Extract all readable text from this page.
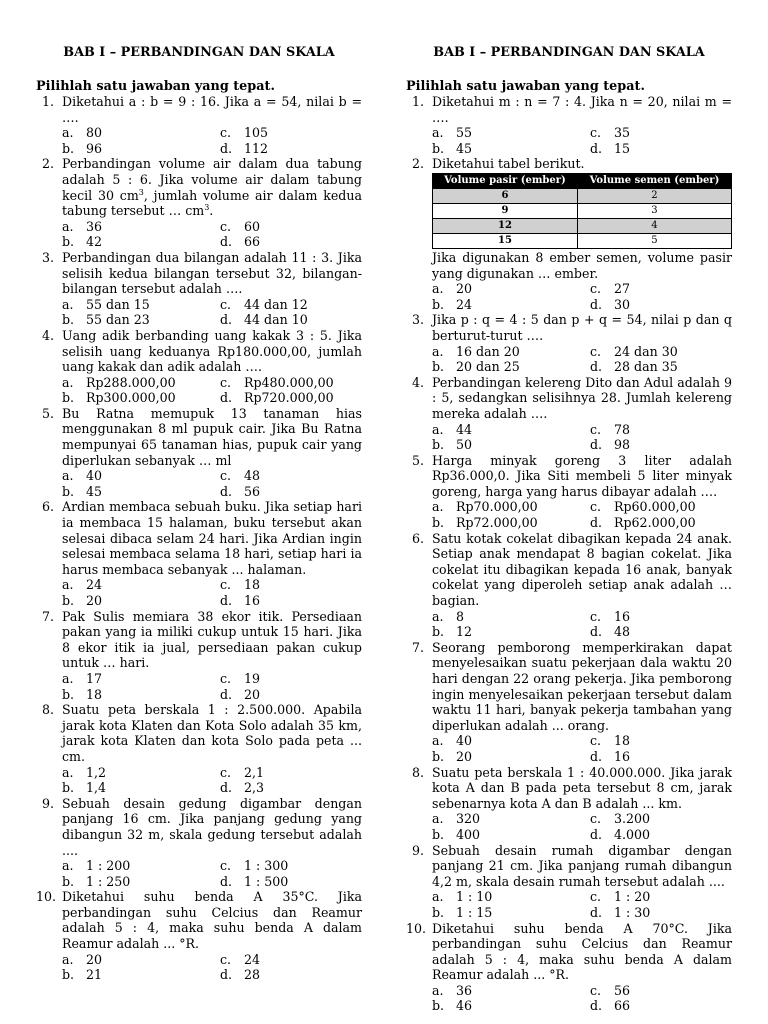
BAB I – PERBANDINGAN DAN SKALA
Pilihlah satu jawaban yang tepat.
1. Diketahui a : b = 9 : 16. Jika a = 54, nilai b = ….
a. 80	c. 105
b. 96	d. 112
2. Perbandingan volume air dalam dua tabung adalah 5 : 6. Jika volume air dalam tabung kecil 30 $cm^3$, jumlah volume air dalam kedua tabung tersebut … $cm^3$.
a. 36	c. 60
b. 42	d. 66
3. Perbandingan dua bilangan adalah 11 : 3. Jika selisih kedua bilangan tersebut 32, bilangan-bilangan tersebut adalah ….
a. 55 dan 15	c. 44 dan 12
b. 55 dan 23	d. 44 dan 10
4. Uang adik berbanding uang kakak 3 : 5. Jika selisih uang keduanya Rp180.000,00, jumlah uang kakak dan adik adalah ….
a. Rp288.000,00	c. Rp480.000,00
b. Rp300.000,00	d. Rp720.000,00
5. Bu Ratna memupuk 13 tanaman hias menggunakan 8 ml pupuk cair. Jika Bu Ratna mempunyai 65 tanaman hias, pupuk cair yang diperlukan sebanyak … ml
a. 40	c. 48
b. 45	d. 56
6. Ardian membaca sebuah buku. Jika setiap hari ia membaca 15 halaman, buku tersebut akan selesai dibaca selam 24 hari. Jika Ardian ingin selesai membaca selama 18 hari, setiap hari ia harus membaca sebanyak ... halaman.
a. 24	c. 18
b. 20	d. 16
7. Pak Sulis memiara 38 ekor itik. Persediaan pakan yang ia miliki cukup untuk 15 hari. Jika 8 ekor itik ia jual, persediaan pakan cukup untuk … hari.
a. 17	c. 19
b. 18	d. 20
8. Suatu peta berskala 1 : 2.500.000. Apabila jarak kota Klaten dan Kota Solo adalah 35 km, jarak kota Klaten dan kota Solo pada peta ... cm.
a. 1,2	c. 2,1
b. 1,4	d. 2,3
9. Sebuah desain gedung digambar dengan panjang 16 cm. Jika panjang gedung yang dibangun 32 m, skala gedung tersebut adalah ....
a. 1 : 200	c. 1 : 300
b. 1 : 250	d. 1 : 500
10. Diketahui suhu benda A 35°C. Jika perbandingan suhu Celcius dan Reamur adalah 5 : 4, maka suhu benda A dalam Reamur adalah ... °R.
a. 20	c. 24
b. 21	d. 28
BAB I – PERBANDINGAN DAN SKALA
Pilihlah satu jawaban yang tepat.
1. Diketahui m : n = 7 : 4. Jika n = 20, nilai m = ….
a. 55	c. 35
b. 45	d. 15
2. Diketahui tabel berikut.
Volume pasir (ember)	Volume semen (ember)
6	2
9	3
12	4
15	5
Jika digunakan 8 ember semen, volume pasir yang digunakan … ember.
a. 20	c. 27
b. 24	d. 30
3. Jika p : q = 4 : 5 dan p + q = 54, nilai p dan q berturut-turut ….
a. 16 dan 20	c. 24 dan 30
b. 20 dan 25	d. 28 dan 35
4. Perbandingan kelereng Dito dan Adul adalah 9 : 5, sedangkan selisihnya 28. Jumlah kelereng mereka adalah ….
a. 44	c. 78
b. 50	d. 98
5. Harga minyak goreng 3 liter adalah Rp36.000,0. Jika Siti membeli 5 liter minyak goreng, harga yang harus dibayar adalah ….
a. Rp70.000,00	c. Rp60.000,00
b. Rp72.000,00	d. Rp62.000,00
6. Satu kotak cokelat dibagikan kepada 24 anak. Setiap anak mendapat 8 bagian cokelat. Jika cokelat itu dibagikan kepada 16 anak, banyak cokelat yang diperoleh setiap anak adalah … bagian.
a. 8	c. 16
b. 12	d. 48
7. Seorang pemborong memperkirakan dapat menyelesaikan suatu pekerjaan dala waktu 20 hari dengan 22 orang pekerja. Jika pemborong ingin menyelesaikan pekerjaan tersebut dalam waktu 11 hari, banyak pekerja tambahan yang diperlukan adalah ... orang.
a. 40	c. 18
b. 20	d. 16
8. Suatu peta berskala 1 : 40.000.000. Jika jarak kota A dan B pada peta tersebut 8 cm, jarak sebenarnya kota A dan B adalah ... km.
a. 320	c. 3.200
b. 400	d. 4.000
9. Sebuah desain rumah digambar dengan panjang 21 cm. Jika panjang rumah dibangun 4,2 m, skala desain rumah tersebut adalah ....
a. 1 : 10	c. 1 : 20
b. 1 : 15	d. 1 : 30
10. Diketahui suhu benda A 70°C. Jika perbandingan suhu Celcius dan Reamur adalah 5 : 4, maka suhu benda A dalam Reamur adalah ... °R.
a. 36	c. 56
b. 46	d. 66
